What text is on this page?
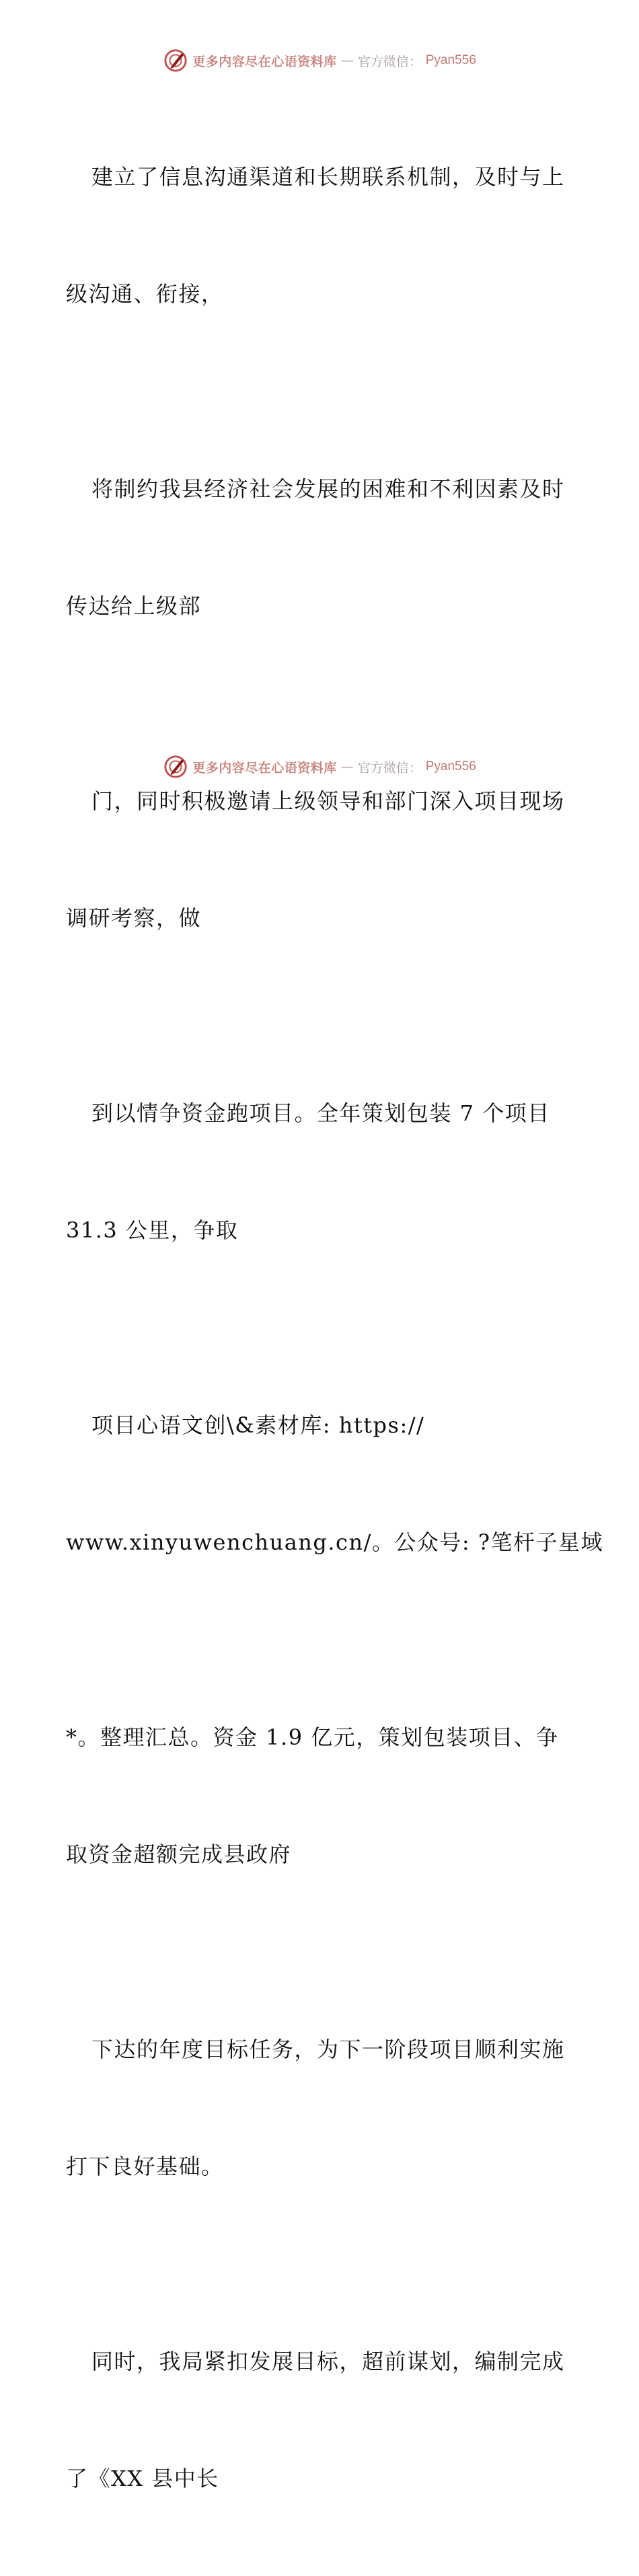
更多内容尽在心语资料库 — 官方微信： Pyan556

建立了信息沟通渠道和长期联系机制，及时与上

级沟通、衔接，

将制约我县经济社会发展的困难和不利因素及时

传达给上级部

门，同时积极邀请上级领导和部门深入项目现场

调研考察，做

到以情争资金跑项目。全年策划包装 7 个项目

31.3 公里，争取

项目心语文创\&素材库: https://

www.xinyuwenchuang.cn/。公众号: ?笔杆子星域

*。整理汇总。资金 1.9 亿元，策划包装项目、争

取资金超额完成县政府

下达的年度目标任务，为下一阶段项目顺利实施

打下良好基础。

同时，我局紧扣发展目标，超前谋划，编制完成

了《XX 县中长

更多内容尽在心语资料库 — 官方微信： Pyan556
